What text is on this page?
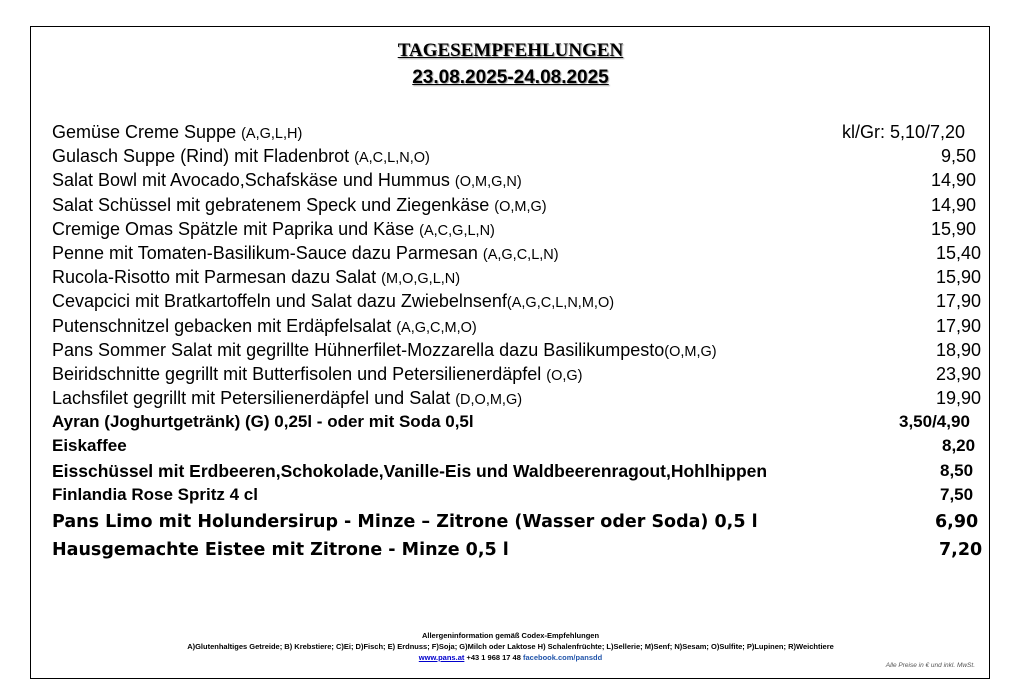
TAGESEMPFEHLUNGEN
23.08.2025-24.08.2025
Gemüse Creme Suppe (A,G,L,H)	kl/Gr: 5,10/7,20
Gulasch Suppe (Rind) mit Fladenbrot (A,C,L,N,O)	9,50
Salat Bowl mit Avocado,Schafskäse und Hummus (O,M,G,N)	14,90
Salat Schüssel mit gebratenem Speck und Ziegenkäse (O,M,G)	14,90
Cremige Omas Spätzle mit Paprika und Käse (A,C,G,L,N)	15,90
Penne mit Tomaten-Basilikum-Sauce dazu Parmesan (A,G,C,L,N)	15,40
Rucola-Risotto mit Parmesan dazu Salat (M,O,G,L,N)	15,90
Cevapcici mit Bratkartoffeln und Salat dazu Zwiebelnsenf(A,G,C,L,N,M,O)	17,90
Putenschnitzel gebacken mit Erdäpfelsalat (A,G,C,M,O)	17,90
Pans Sommer Salat mit gegrillte Hühnerfilet-Mozzarella dazu Basilikumpesto(O,M,G)	18,90
Beiridschnitte gegrillt mit Butterfisolen und Petersilienerdäpfel (O,G)	23,90
Lachsfilet gegrillt mit Petersilienerdäpfel und Salat (D,O,M,G)	19,90
Ayran (Joghurtgetränk) (G) 0,25l - oder mit Soda 0,5l	3,50/4,90
Eiskaffee	8,20
Eisschüssel mit Erdbeeren,Schokolade,Vanille-Eis und Waldbeerenragout,Hohlhippen	8,50
Finlandia Rose Spritz 4 cl	7,50
Pans Limo mit Holundersirup - Minze – Zitrone (Wasser oder Soda) 0,5 l	6,90
Hausgemachte Eistee mit Zitrone - Minze 0,5 l	7,20
Allergeninformation gemäß Codex-Empfehlungen
A)Glutenhaltiges Getreide; B) Krebstiere; C)Ei; D)Fisch; E) Erdnuss; F)Soja; G)Milch oder Laktose H) Schalenfrüchte; L)Sellerie; M)Senf; N)Sesam; O)Sulfite; P)Lupinen; R)Weichtiere
www.pans.at +43 1 968 17 48 facebook.com/pansdd
Alle Preise in € und inkl. MwSt.
